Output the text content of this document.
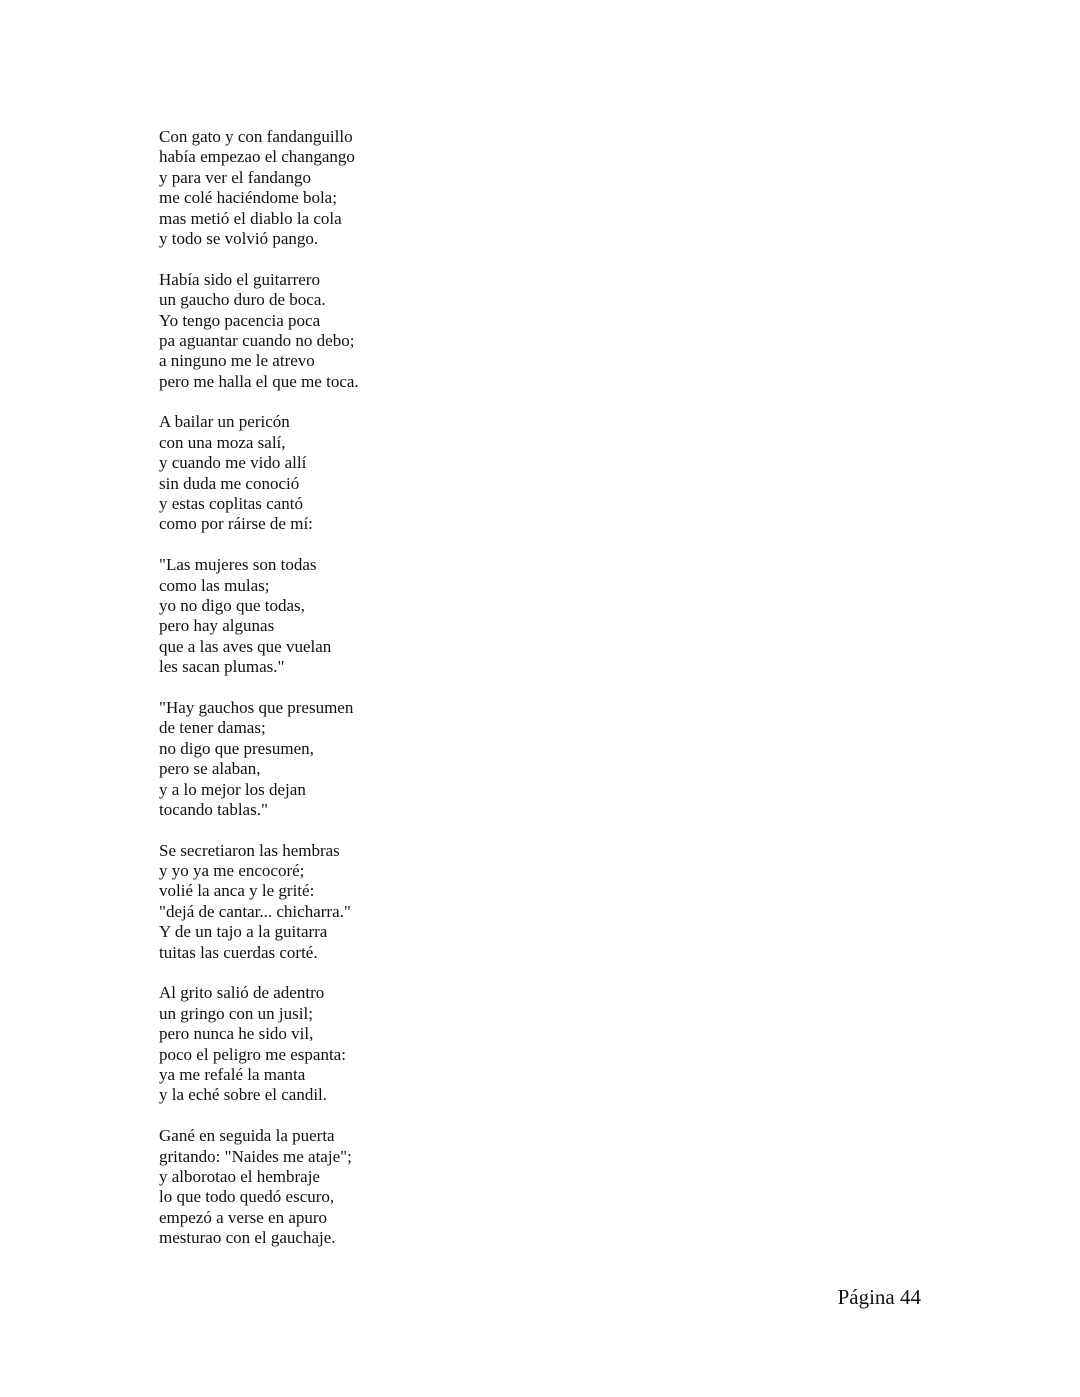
Con gato y con fandanguillo
había empezao el changango
y para ver el fandango
me colé haciéndome bola;
mas metió el diablo la cola
y todo se volvió pango.
Había sido el guitarrero
un gaucho duro de boca.
Yo tengo pacencia poca
pa aguantar cuando no debo;
a ninguno me le atrevo
pero me halla el que me toca.
A bailar un pericón
con una moza salí,
y cuando me vido allí
sin duda me conoció
y estas coplitas cantó
como por ráirse de mí:
"Las mujeres son todas
como las mulas;
yo no digo que todas,
pero hay algunas
que a las aves que vuelan
les sacan plumas."
"Hay gauchos que presumen
de tener damas;
no digo que presumen,
pero se alaban,
y a lo mejor los dejan
tocando tablas."
Se secretiaron las hembras
y yo ya me encocoré;
volié la anca y le grité:
"dejá de cantar... chicharra."
Y de un tajo a la guitarra
tuitas las cuerdas corté.
Al grito salió de adentro
un gringo con un jusil;
pero nunca he sido vil,
poco el peligro me espanta:
ya me refalé la manta
y la eché sobre el candil.
Gané en seguida la puerta
gritando: "Naides me ataje";
y alborotao el hembraje
lo que todo quedó escuro,
empezó a verse en apuro
mesturao con el gauchaje.
Página 44
